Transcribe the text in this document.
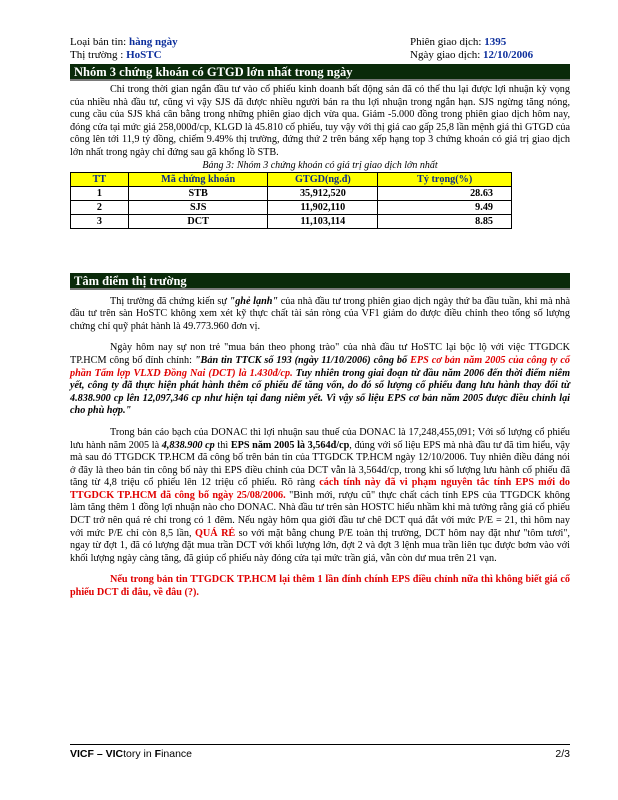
Loại bản tin: hàng ngày
Thị trường : HoSTC
Phiên giao dịch: 1395
Ngày giao dịch: 12/10/2006
Nhóm 3 chứng khoán có GTGD lớn nhất trong ngày

Chỉ trong thời gian ngắn đầu tư vào cổ phiếu kinh doanh bất động sản đã có thể thu lại được lợi nhuận kỳ vọng của nhiều nhà đầu tư, cũng vì vậy SJS đã được nhiều người bán ra thu lợi nhuận trong ngắn hạn. SJS ngừng tăng nóng, cung cầu của SJS khá cân bằng trong những phiên giao dịch vừa qua. Giảm -5.000 đồng trong phiên giao dịch hôm nay, đóng cửa tại mức giá 258,000đ/cp, KLGD là 45.810 cổ phiếu, tuy vậy với thị giá cao gấp 25,8 lần mệnh giá thì GTGD của công lên tới 11,9 tỷ đồng, chiếm 9.49% thị trường, đứng thứ 2 trên bảng xếp hạng top 3 chứng khoán có giá trị giao dịch lớn nhất trong ngày chỉ đứng sau gã khổng lồ STB.

Bảng 3: Nhóm 3 chứng khoán có giá trị giao dịch lớn nhất
TT	Mã chứng khoán	GTGD(ng.đ)	Tỷ trọng(%)
1	STB	35,912,520	28.63
2	SJS	11,902,110	9.49
3	DCT	11,103,114	8.85
Tâm điểm thị trường

Thị trường đã chứng kiến sự "ghẻ lạnh" của nhà đầu tư trong phiên giao dịch ngày thứ ba đầu tuần, khi mà nhà đầu tư trên sàn HoSTC không xem xét kỹ thực chất tài sản ròng của VF1 giảm do được điều chỉnh theo tổng số lượng chứng chỉ quỹ phát hành là 49.773.960 đơn vị.

Ngày hôm nay sự non trẻ "mua bán theo phong trào" của nhà đầu tư HoSTC lại bộc lộ với việc TTGDCK TP.HCM công bố đính chính: "Bản tin TTCK số 193 (ngày 11/10/2006) công bố EPS cơ bản năm 2005 của công ty cổ phần Tấm lợp VLXD Đồng Nai (DCT) là 1.430đ/cp. Tuy nhiên trong giai đoạn từ đầu năm 2006 đến thời điểm niêm yết, công ty đã thực hiện phát hành thêm cổ phiếu để tăng vốn, do đó số lượng cổ phiếu đang lưu hành thay đổi từ 4.838.900 cp lên 12,097,346 cp như hiện tại đang niêm yết. Vì vậy số liệu EPS cơ bản năm 2005 được điều chỉnh lại cho phù hợp."

Trong bản cáo bạch của DONAC thì lợi nhuận sau thuế của DONAC là 17,248,455,091; Với số lượng cổ phiếu lưu hành năm 2005 là 4,838.900 cp thì EPS năm 2005 là 3,564đ/cp, đúng với số liệu EPS mà nhà đầu tư đã tìm hiểu, vậy mà sau đó TTGDCK TP.HCM đã công bố trên bản tin của TTGDCK TP.HCM ngày 12/10/2006. Tuy nhiên điều đáng nói ở đây là theo bản tin công bố này thì EPS điều chỉnh của DCT vẫn là 3,564đ/cp, trong khi số lượng lưu hành cổ phiếu đã tăng từ 4,8 triệu cổ phiếu lên 12 triệu cổ phiếu. Rõ ràng cách tính này đã vi phạm nguyên tắc tính EPS mới do TTGDCK TP.HCM đã công bố ngày 25/08/2006. "Bình mới, rượu cũ" thực chất cách tính EPS của TTGDCK không làm tăng thêm 1 đồng lợi nhuận nào cho DONAC. Nhà đầu tư trên sàn HOSTC hiểu nhầm khi mà tưởng rằng giá cổ phiếu DCT trở nên quá rẻ chỉ trong có 1 đêm. Nếu ngày hôm qua giới đầu tư chê DCT quá đắt với mức P/E = 21, thì hôm nay với mức P/E chỉ còn 8,5 lần, QUÁ RẺ so với mặt bằng chung P/E toàn thị trường, DCT hôm nay đặt như "tôm tươi", ngay từ đợt 1, đã có lượng đặt mua trần DCT với khối lượng lớn, đợt 2 và đợt 3 lệnh mua trần liên tục được bơm vào với khối lượng ngày càng tăng, đã giúp cổ phiếu này đóng cửa tại mức trần giá, vẫn còn dư mua trên 21 vạn.

Nếu trong bản tin TTGDCK TP.HCM lại thêm 1 lần đính chính EPS điều chỉnh nữa thì không biết giá cổ phiếu DCT đi đâu, về đâu (?).

VICF – VICtory in Finance	2/3
